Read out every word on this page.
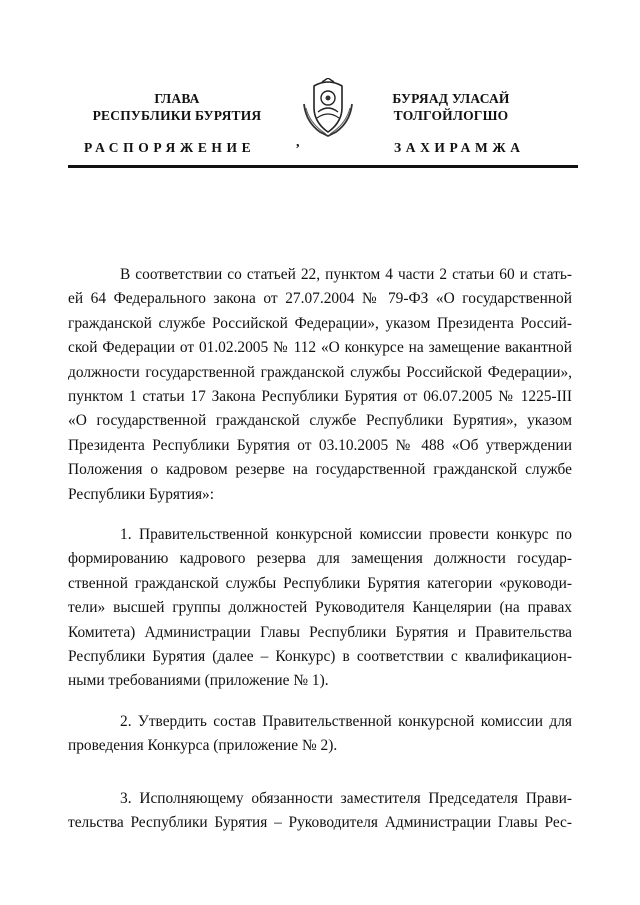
ГЛАВА
РЕСПУБЛИКИ БУРЯТИЯ
РАСПОРЯЖЕНИЕ	,
БУРЯАД УЛАСАЙ
ТОЛГОЙЛОГШО
ЗАХИРАМЖА
В соответствии со статьей 22, пунктом 4 части 2 статьи 60 и стать-
ей 64 Федерального закона от 27.07.2004 № 79-ФЗ «О государственной
гражданской службе Российской Федерации», указом Президента Россий-
ской Федерации от 01.02.2005 № 112 «О конкурсе на замещение вакантной
должности государственной гражданской службы Российской Федерации»,
пунктом 1 статьи 17 Закона Республики Бурятия от 06.07.2005 № 1225-III
«О государственной гражданской службе Республики Бурятия», указом
Президента Республики Бурятия от 03.10.2005 № 488 «Об утверждении
Положения о кадровом резерве на государственной гражданской службе
Республики Бурятия»:
1. Правительственной конкурсной комиссии провести конкурс по
формированию кадрового резерва для замещения должности государ-
ственной гражданской службы Республики Бурятия категории «руководи-
тели» высшей группы должностей Руководителя Канцелярии (на правах
Комитета) Администрации Главы Республики Бурятия и Правительства
Республики Бурятия (далее – Конкурс) в соответствии с квалификацион-
ными требованиями (приложение № 1).
2. Утвердить состав Правительственной конкурсной комиссии для
проведения Конкурса (приложение № 2).
3. Исполняющему обязанности заместителя Председателя Прави-
тельства Республики Бурятия – Руководителя Администрации Главы Рес-
